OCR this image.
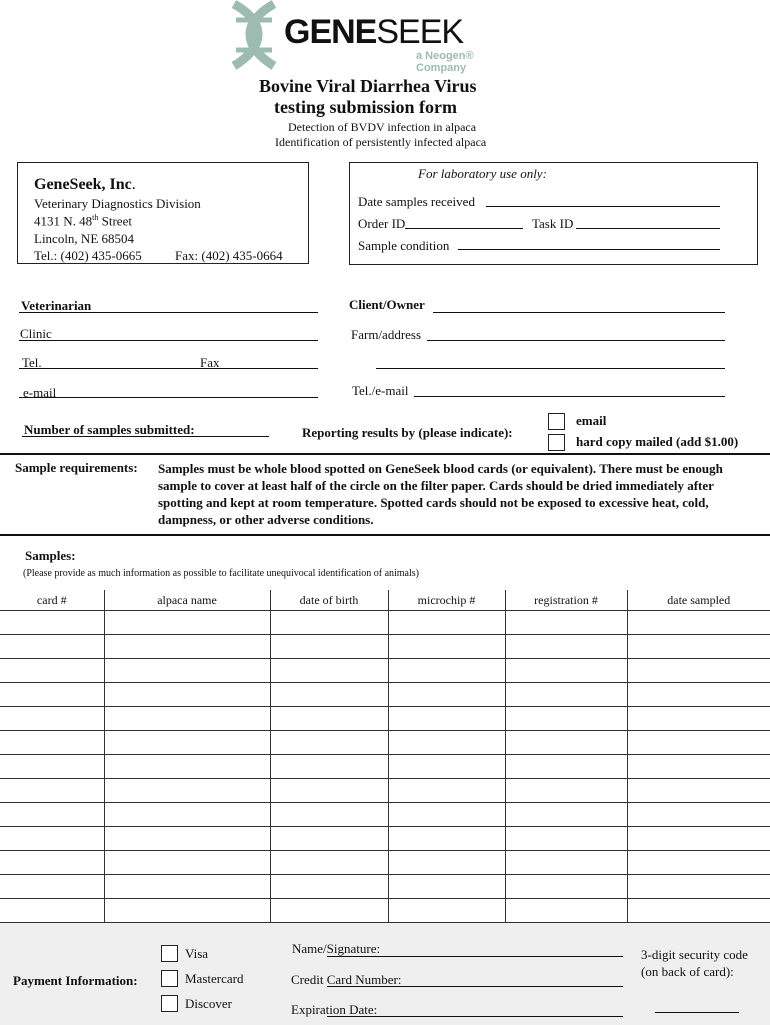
GENESEEK
a Neogen® Company
Bovine Viral Diarrhea Virus
testing submission form
Detection of BVDV infection in alpaca
Identification of persistently infected alpaca
GeneSeek, Inc.
Veterinary Diagnostics Division
4131 N. 48th Street
Lincoln, NE 68504
Tel.: (402) 435-0665	Fax: (402) 435-0664
For laboratory use only:
Date samples received
Order ID	Task ID
Sample condition
Veterinarian
Clinic
Tel.	Fax
e-mail
Client/Owner
Farm/address
Tel./e-mail
Number of samples submitted:	Reporting results by (please indicate):
email
hard copy mailed (add $1.00)
Sample requirements: Samples must be whole blood spotted on GeneSeek blood cards (or equivalent). There must be enough sample to cover at least half of the circle on the filter paper. Cards should be dried immediately after spotting and kept at room temperature. Spotted cards should not be exposed to excessive heat, cold, dampness, or other adverse conditions.
Samples:
(Please provide as much information as possible to facilitate unequivocal identification of animals)
card #	alpaca name	date of birth	microchip #	registration #	date sampled

Payment Information:
Visa
Mastercard
Discover
Name/Signature:
Credit Card Number:
Expiration Date:
3-digit security code
(on back of card):
